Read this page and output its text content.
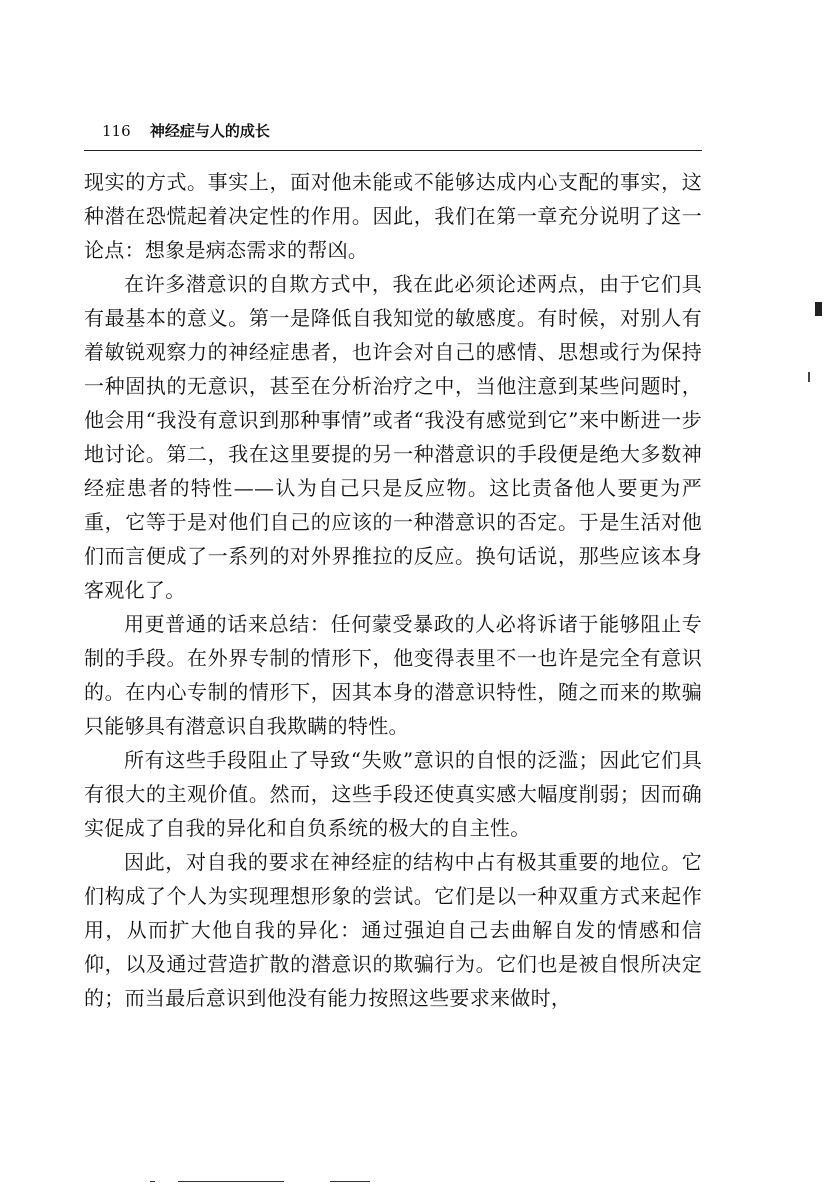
116 神经症与人的成长

现实的方式。事实上，面对他未能或不能够达成内心支配的事实，这种潜在恐慌起着决定性的作用。因此，我们在第一章充分说明了这一论点：想象是病态需求的帮凶。

在许多潜意识的自欺方式中，我在此必须论述两点，由于它们具有最基本的意义。第一是降低自我知觉的敏感度。有时候，对别人有着敏锐观察力的神经症患者，也许会对自己的感情、思想或行为保持一种固执的无意识，甚至在分析治疗之中，当他注意到某些问题时，他会用“我没有意识到那种事情”或者“我没有感觉到它”来中断进一步地讨论。第二，我在这里要提的另一种潜意识的手段便是绝大多数神经症患者的特性——认为自己只是反应物。这比责备他人要更为严重，它等于是对他们自己的应该的一种潜意识的否定。于是生活对他们而言便成了一系列的对外界推拉的反应。换句话说，那些应该本身客观化了。

用更普通的话来总结：任何蒙受暴政的人必将诉诸于能够阻止专制的手段。在外界专制的情形下，他变得表里不一也许是完全有意识的。在内心专制的情形下，因其本身的潜意识特性，随之而来的欺骗只能够具有潜意识自我欺瞒的特性。

所有这些手段阻止了导致“失败”意识的自恨的泛滥；因此它们具有很大的主观价值。然而，这些手段还使真实感大幅度削弱；因而确实促成了自我的异化和自负系统的极大的自主性。

因此，对自我的要求在神经症的结构中占有极其重要的地位。它们构成了个人为实现理想形象的尝试。它们是以一种双重方式来起作用，从而扩大他自我的异化：通过强迫自己去曲解自发的情感和信仰，以及通过营造扩散的潜意识的欺骗行为。它们也是被自恨所决定的；而当最后意识到他没有能力按照这些要求来做时，
